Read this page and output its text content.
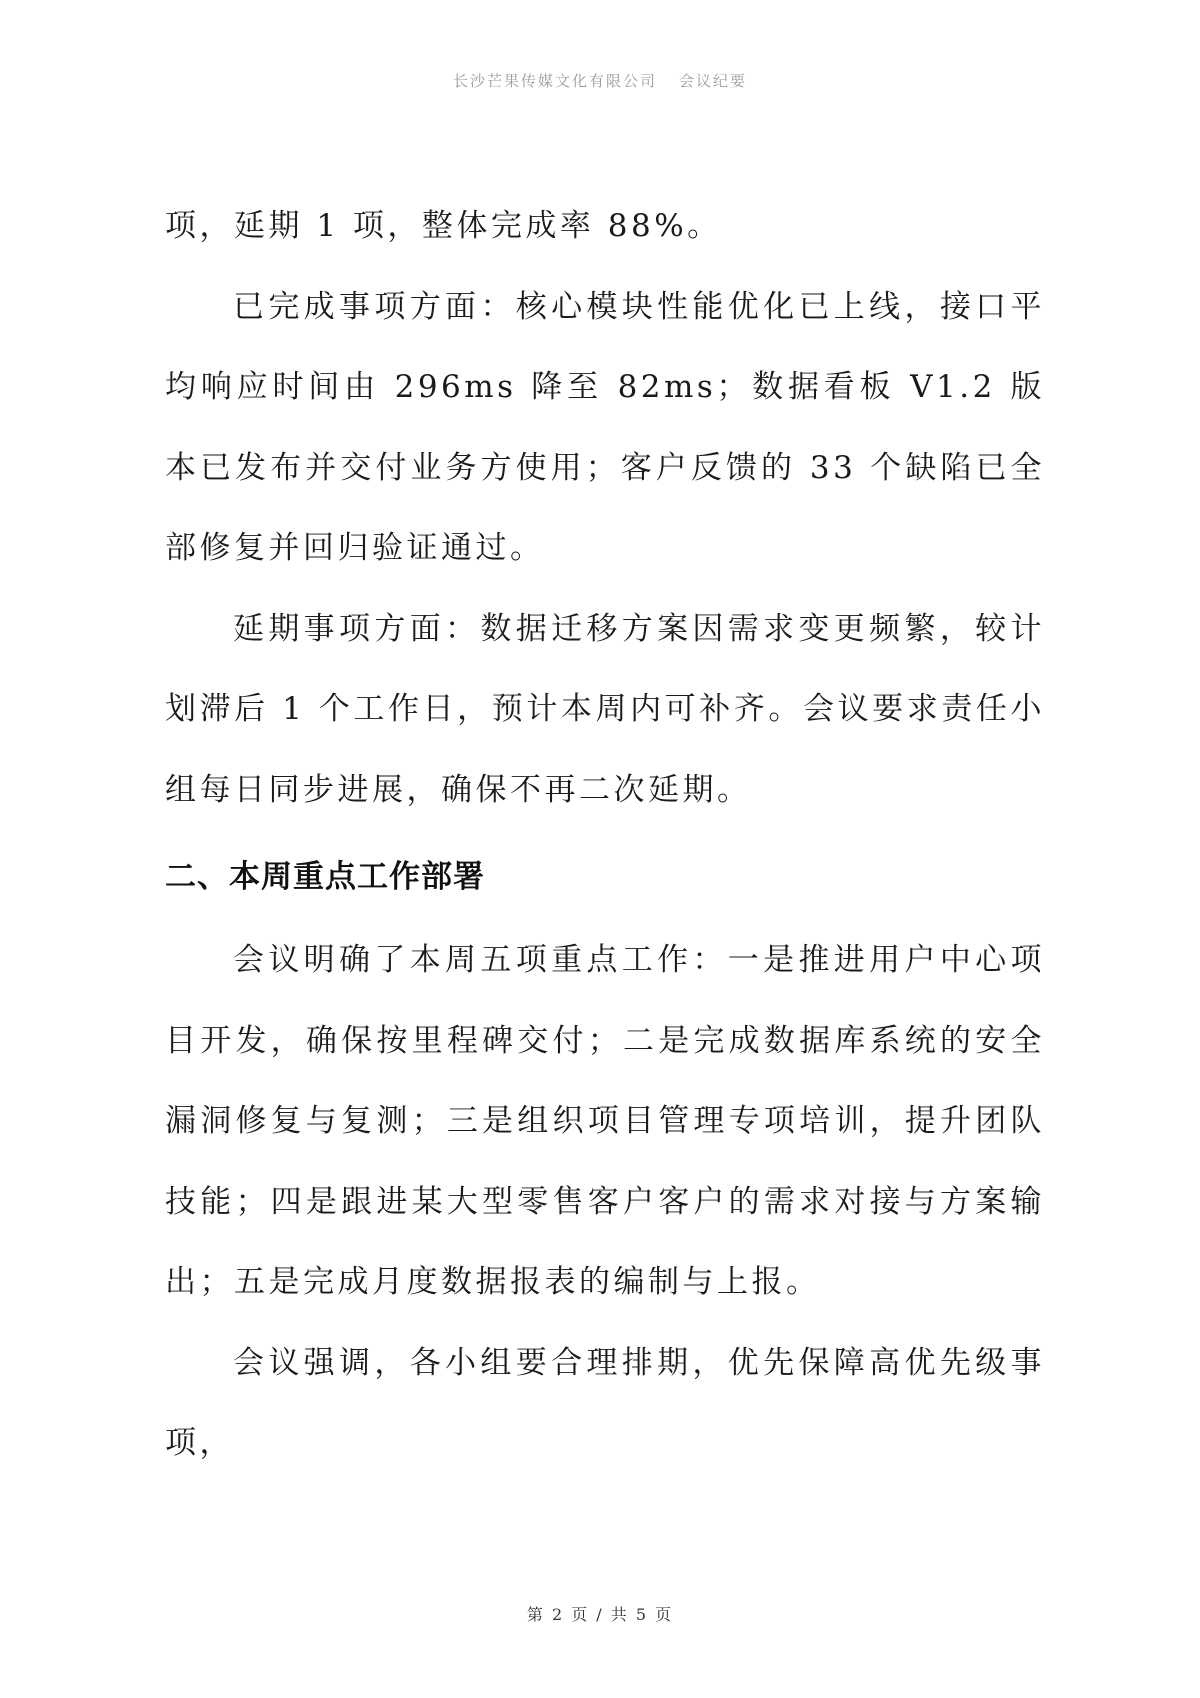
长沙芒果传媒文化有限公司 会议纪要

项，延期 1 项，整体完成率 88%。

已完成事项方面：核心模块性能优化已上线，接口平均响应时间由 296ms 降至 82ms；数据看板 V1.2 版本已发布并交付业务方使用；客户反馈的 33 个缺陷已全部修复并回归验证通过。

延期事项方面：数据迁移方案因需求变更频繁，较计划滞后 1 个工作日，预计本周内可补齐。会议要求责任小组每日同步进展，确保不再二次延期。

二、本周重点工作部署

会议明确了本周五项重点工作：一是推进用户中心项目开发，确保按里程碑交付；二是完成数据库系统的安全漏洞修复与复测；三是组织项目管理专项培训，提升团队技能；四是跟进某大型零售客户客户的需求对接与方案输出；五是完成月度数据报表的编制与上报。

会议强调，各小组要合理排期，优先保障高优先级事项，

第 2 页 / 共 5 页
